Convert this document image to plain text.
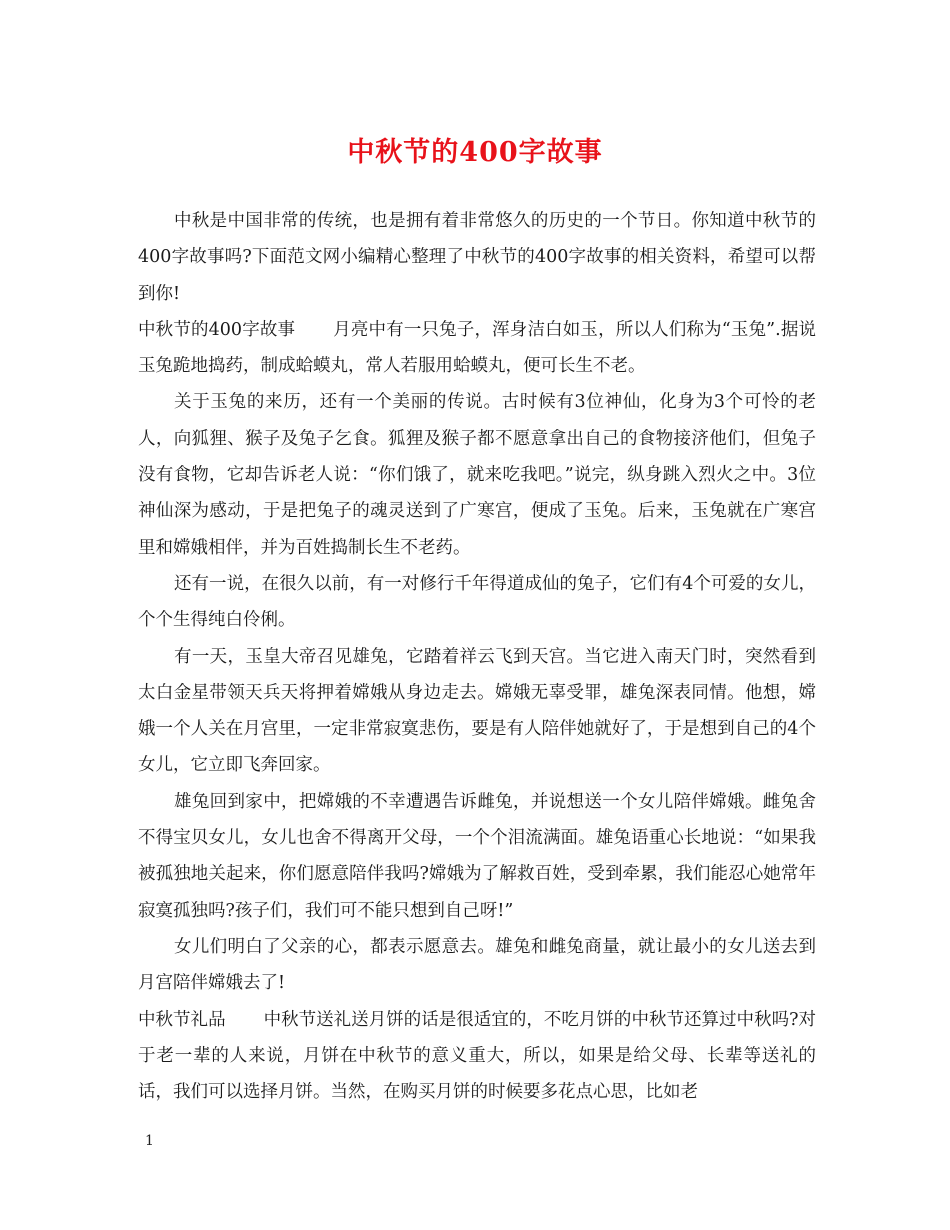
中秋节的400字故事

中秋是中国非常的传统，也是拥有着非常悠久的历史的一个节日。你知道中秋节的400字故事吗?下面范文网小编精心整理了中秋节的400字故事的相关资料，希望可以帮到你!

中秋节的400字故事 月亮中有一只兔子，浑身洁白如玉，所以人们称为“玉兔”.据说玉兔跪地捣药，制成蛤蟆丸，常人若服用蛤蟆丸，便可长生不老。

关于玉兔的来历，还有一个美丽的传说。古时候有3位神仙，化身为3个可怜的老人，向狐狸、猴子及兔子乞食。狐狸及猴子都不愿意拿出自己的食物接济他们，但兔子没有食物，它却告诉老人说：“你们饿了，就来吃我吧。”说完，纵身跳入烈火之中。3位神仙深为感动，于是把兔子的魂灵送到了广寒宫，便成了玉兔。后来，玉兔就在广寒宫里和嫦娥相伴，并为百姓捣制长生不老药。

还有一说，在很久以前，有一对修行千年得道成仙的兔子，它们有4个可爱的女儿，个个生得纯白伶俐。

有一天，玉皇大帝召见雄兔，它踏着祥云飞到天宫。当它进入南天门时，突然看到太白金星带领天兵天将押着嫦娥从身边走去。嫦娥无辜受罪，雄兔深表同情。他想，嫦娥一个人关在月宫里，一定非常寂寞悲伤，要是有人陪伴她就好了，于是想到自己的4个女儿，它立即飞奔回家。

雄兔回到家中，把嫦娥的不幸遭遇告诉雌兔，并说想送一个女儿陪伴嫦娥。雌兔舍不得宝贝女儿，女儿也舍不得离开父母，一个个泪流满面。雄兔语重心长地说：“如果我被孤独地关起来，你们愿意陪伴我吗?嫦娥为了解救百姓，受到牵累，我们能忍心她常年寂寞孤独吗?孩子们，我们可不能只想到自己呀!”

女儿们明白了父亲的心，都表示愿意去。雄兔和雌兔商量，就让最小的女儿送去到月宫陪伴嫦娥去了!

中秋节礼品 中秋节送礼送月饼的话是很适宜的，不吃月饼的中秋节还算过中秋吗?对于老一辈的人来说，月饼在中秋节的意义重大，所以，如果是给父母、长辈等送礼的话，我们可以选择月饼。当然，在购买月饼的时候要多花点心思，比如老

1
